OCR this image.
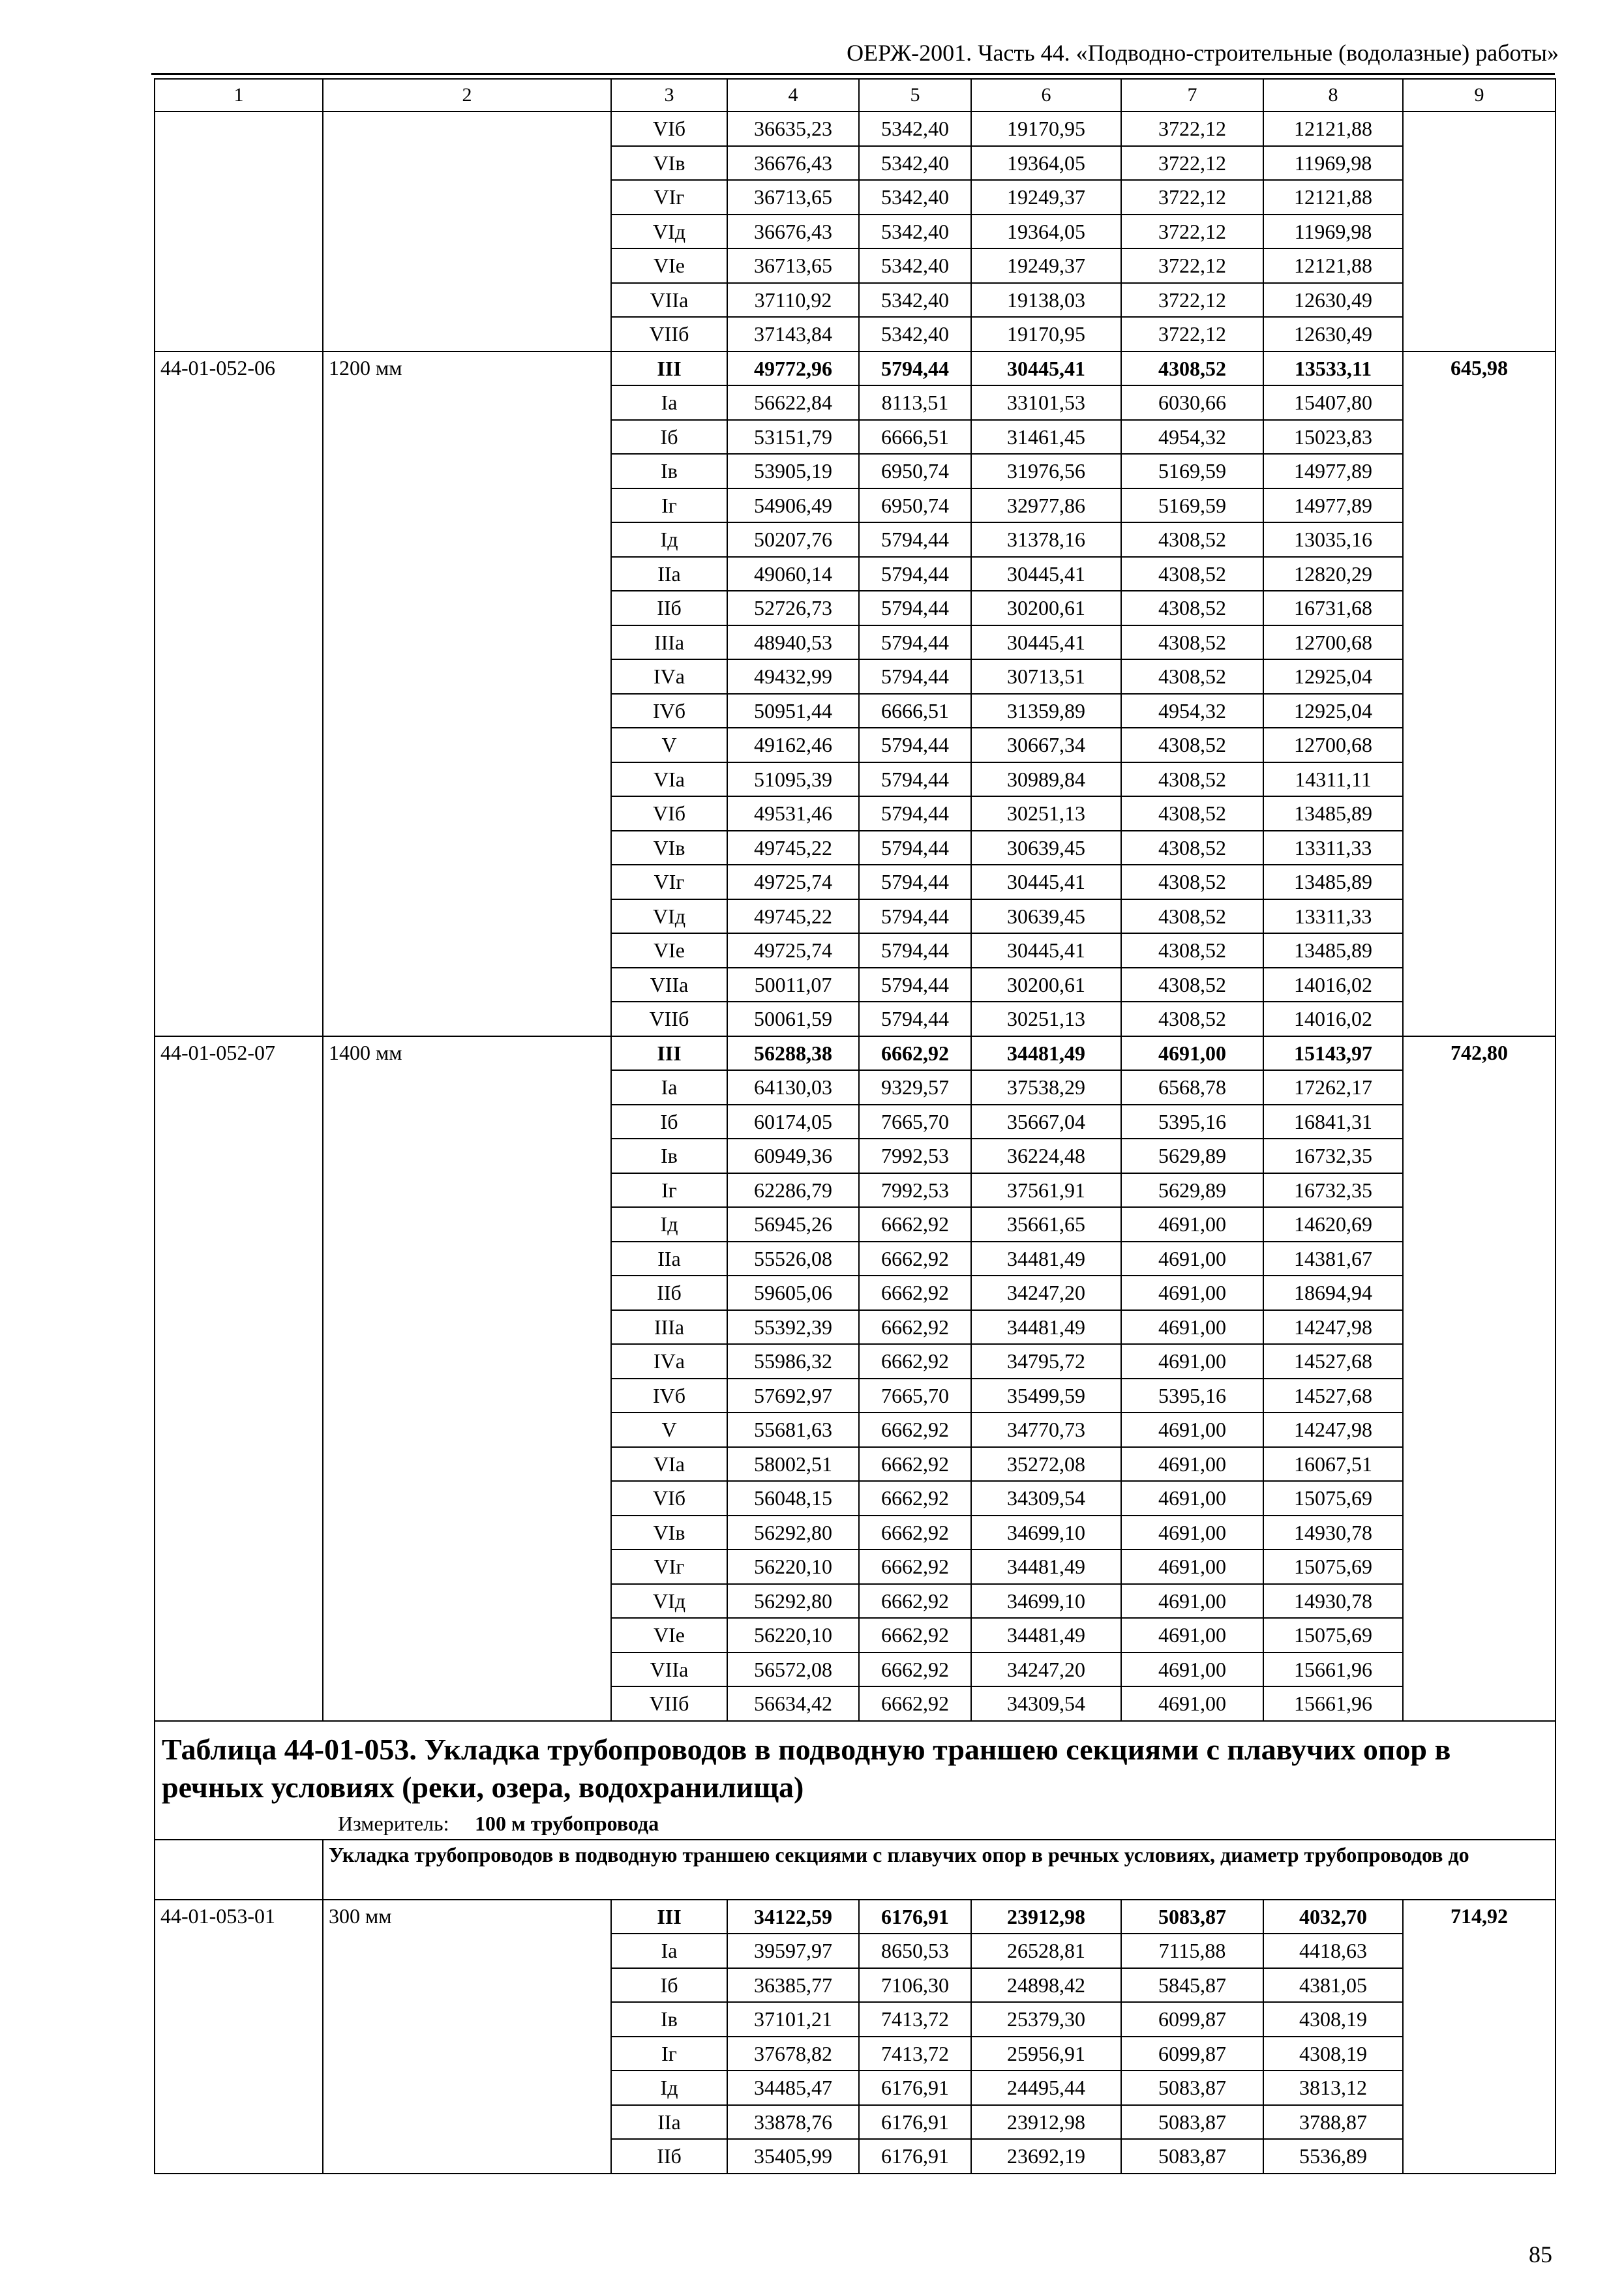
ОЕРЖ-2001. Часть 44. «Подводно-строительные (водолазные) работы»
1	2	3	4	5	6	7	8	9
		VIб	36635,23	5342,40	19170,95	3722,12	12121,88	
		VIв	36676,43	5342,40	19364,05	3722,12	11969,98	
		VIг	36713,65	5342,40	19249,37	3722,12	12121,88	
		VIд	36676,43	5342,40	19364,05	3722,12	11969,98	
		VIе	36713,65	5342,40	19249,37	3722,12	12121,88	
		VIIа	37110,92	5342,40	19138,03	3722,12	12630,49	
		VIIб	37143,84	5342,40	19170,95	3722,12	12630,49	
44-01-052-06	1200 мм	III	49772,96	5794,44	30445,41	4308,52	13533,11	645,98
		Iа	56622,84	8113,51	33101,53	6030,66	15407,80	
		Iб	53151,79	6666,51	31461,45	4954,32	15023,83	
		Iв	53905,19	6950,74	31976,56	5169,59	14977,89	
		Iг	54906,49	6950,74	32977,86	5169,59	14977,89	
		Iд	50207,76	5794,44	31378,16	4308,52	13035,16	
		IIа	49060,14	5794,44	30445,41	4308,52	12820,29	
		IIб	52726,73	5794,44	30200,61	4308,52	16731,68	
		IIIа	48940,53	5794,44	30445,41	4308,52	12700,68	
		IVа	49432,99	5794,44	30713,51	4308,52	12925,04	
		IVб	50951,44	6666,51	31359,89	4954,32	12925,04	
		V	49162,46	5794,44	30667,34	4308,52	12700,68	
		VIа	51095,39	5794,44	30989,84	4308,52	14311,11	
		VIб	49531,46	5794,44	30251,13	4308,52	13485,89	
		VIв	49745,22	5794,44	30639,45	4308,52	13311,33	
		VIг	49725,74	5794,44	30445,41	4308,52	13485,89	
		VIд	49745,22	5794,44	30639,45	4308,52	13311,33	
		VIе	49725,74	5794,44	30445,41	4308,52	13485,89	
		VIIа	50011,07	5794,44	30200,61	4308,52	14016,02	
		VIIб	50061,59	5794,44	30251,13	4308,52	14016,02	
44-01-052-07	1400 мм	III	56288,38	6662,92	34481,49	4691,00	15143,97	742,80
		Iа	64130,03	9329,57	37538,29	6568,78	17262,17	
		Iб	60174,05	7665,70	35667,04	5395,16	16841,31	
		Iв	60949,36	7992,53	36224,48	5629,89	16732,35	
		Iг	62286,79	7992,53	37561,91	5629,89	16732,35	
		Iд	56945,26	6662,92	35661,65	4691,00	14620,69	
		IIа	55526,08	6662,92	34481,49	4691,00	14381,67	
		IIб	59605,06	6662,92	34247,20	4691,00	18694,94	
		IIIа	55392,39	6662,92	34481,49	4691,00	14247,98	
		IVа	55986,32	6662,92	34795,72	4691,00	14527,68	
		IVб	57692,97	7665,70	35499,59	5395,16	14527,68	
		V	55681,63	6662,92	34770,73	4691,00	14247,98	
		VIа	58002,51	6662,92	35272,08	4691,00	16067,51	
		VIб	56048,15	6662,92	34309,54	4691,00	15075,69	
		VIв	56292,80	6662,92	34699,10	4691,00	14930,78	
		VIг	56220,10	6662,92	34481,49	4691,00	15075,69	
		VIд	56292,80	6662,92	34699,10	4691,00	14930,78	
		VIе	56220,10	6662,92	34481,49	4691,00	15075,69	
		VIIа	56572,08	6662,92	34247,20	4691,00	15661,96	
		VIIб	56634,42	6662,92	34309,54	4691,00	15661,96	

Таблица 44-01-053. Укладка трубопроводов в подводную траншею секциями с плавучих опор в речных условиях (реки, озера, водохранилища)
Измеритель: 100 м трубопровода								

	Укладка трубопроводов в подводную траншею секциями с плавучих опор в речных условиях, диаметр трубопроводов до							
44-01-053-01	300 мм	III	34122,59	6176,91	23912,98	5083,87	4032,70	714,92
		Iа	39597,97	8650,53	26528,81	7115,88	4418,63	
		Iб	36385,77	7106,30	24898,42	5845,87	4381,05	
		Iв	37101,21	7413,72	25379,30	6099,87	4308,19	
		Iг	37678,82	7413,72	25956,91	6099,87	4308,19	
		Iд	34485,47	6176,91	24495,44	5083,87	3813,12	
		IIа	33878,76	6176,91	23912,98	5083,87	3788,87	
		IIб	35405,99	6176,91	23692,19	5083,87	5536,89	
85
